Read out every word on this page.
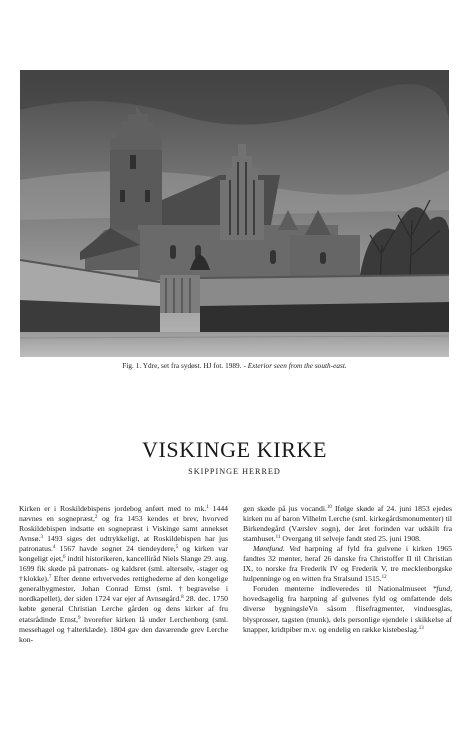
Fig. 1. Ydre, set fra sydøst. HJ fot. 1989. - Exterior seen from the south-east.
VISKINGE KIRKE
SKIPPINGE HERRED

Kirken er i Roskildebispens jordebog anført med to mk.$^1$ 1444 nævnes en sognepræst,$^2$ og fra 1453 kendes et brev, hvorved Roskildebispen indsatte en sognepræst i Viskinge samt annekset Avnsø.$^3$ 1493 siges det udtrykkeligt, at Roskildebispen har jus patronatus.$^4$ 1567 havde sognet 24 tiendeydere,$^5$ og kirken var kongeligt ejet,$^6$ indtil historikeren, kancelliråd Niels Slange 29. aug. 1699 fik skøde på patronats- og kaldsret (sml. altersølv, -stager og †klokke).$^7$ Efter denne erhvervedes rettighederne af den kongelige generalbygmester, Johan Conrad Ernst (sml. †begravelse i nordkapellet), der siden 1724 var ejer af Avnsøgård.$^8$ 28. dec. 1750 købte general Christian Lerche gården og dens kirker af fru etatsrådinde Ernst,$^9$ hvorefter kirken lå under Lerchenborg (sml. messehagel og †alterklæde). 1804 gav den daværende grev Lerche kon-

gen skøde på jus vocandi.$^{10}$ Ifølge skøde af 24. juni 1853 ejedes kirken nu af baron Vilhelm Lerche (sml. kirkegårdsmonumenter) til Birkendegård (Værslev sogn), der året forinden var udskilt fra stamhuset.$^{11}$ Overgang til selveje fandt sted 25. juni 1908.

Møntfund. Ved harpning af fyld fra gulvene i kirken 1965 fandtes 32 mønter, heraf 26 danske fra Christoffer II til Christian IX, to norske fra Frederik IV og Frederik V, tre mecklenborgske hulpenninge og en witten fra Stralsund 1515.12

Foruden mønterne indleveredes til Nationalmuseet *fund, hovedsagelig fra harpning af gulvenes fyld og omfattende dels diverse bygningsleVn såsom flisefragmenter, vinduesglas, blysprosser, tagsten (munk), dels personlige ejendele i skikkelse af knapper, kridtpiber m.v. og endelig en række kistebeslag.$^{13}$
